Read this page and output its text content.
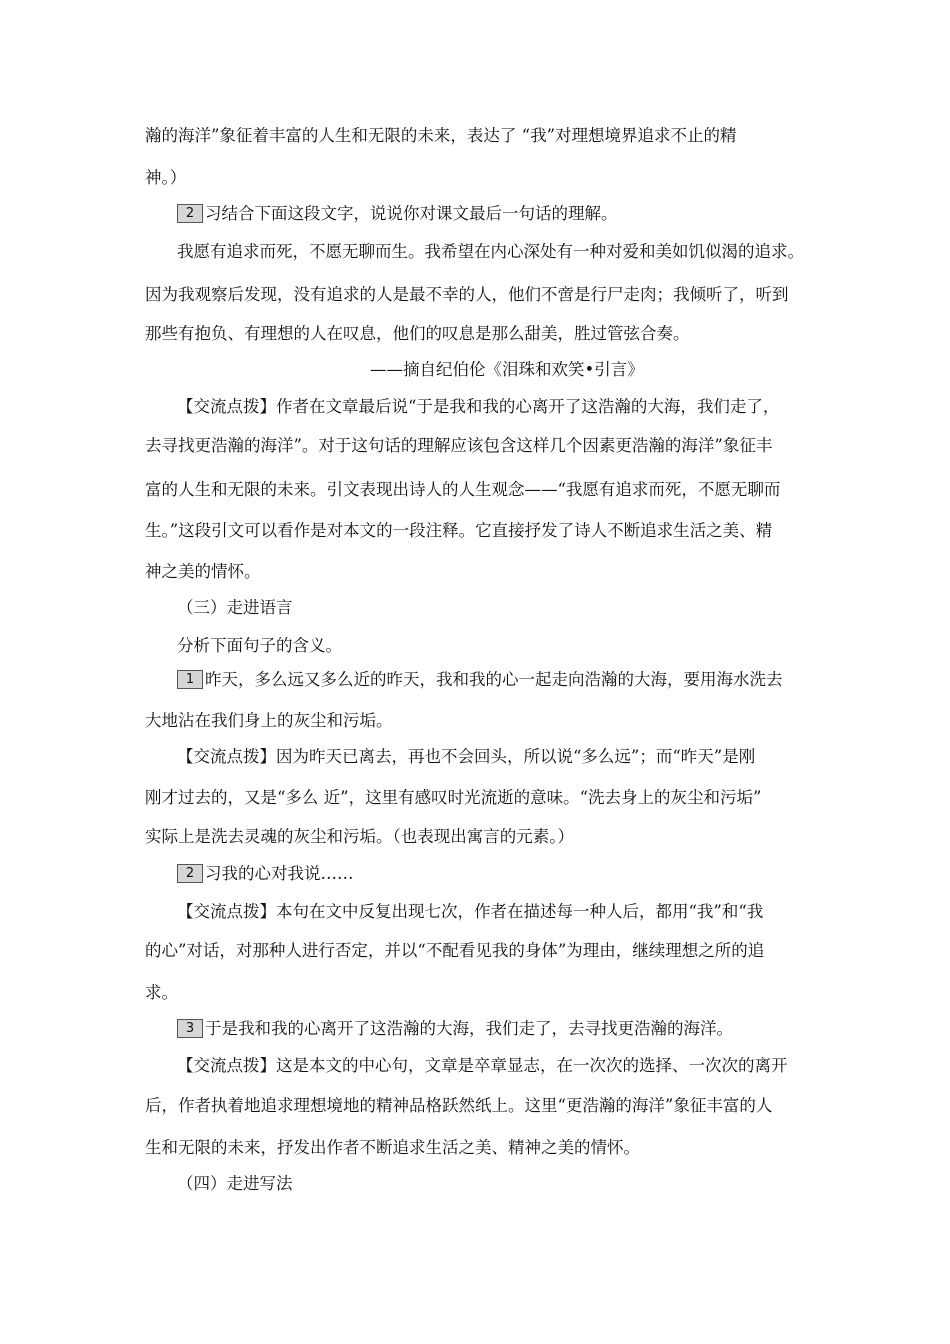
瀚的海洋”象征着丰富的人生和无限的未来，表达了 “我”对理想境界追求不止的精
神。）
2 习结合下面这段文字，说说你对课文最后一句话的理解。
我愿有追求而死，不愿无聊而生。我希望在内心深处有一种对爱和美如饥似渴的追求。
因为我观察后发现，没有追求的人是最不幸的人，他们不啻是行尸走肉；我倾听了，听到
那些有抱负、有理想的人在叹息，他们的叹息是那么甜美，胜过管弦合奏。
——摘自纪伯伦《泪珠和欢笑•引言》
【交流点拨】作者在文章最后说“于是我和我的心离开了这浩瀚的大海，我们走了，
去寻找更浩瀚的海洋”。对于这句话的理解应该包含这样几个因素更浩瀚的海洋”象征丰
富的人生和无限的未来。引文表现出诗人的人生观念——“我愿有追求而死，不愿无聊而
生。”这段引文可以看作是对本文的一段注释。它直接抒发了诗人不断追求生活之美、精
神之美的情怀。
（三）走进语言
分析下面句子的含义。
1 昨天，多么远又多么近的昨天，我和我的心一起走向浩瀚的大海，要用海水洗去
大地沾在我们身上的灰尘和污垢。
【交流点拨】因为昨天已离去，再也不会回头，所以说“多么远”；而“昨天”是刚
刚才过去的，又是“多么 近”，这里有感叹时光流逝的意味。“洗去身上的灰尘和污垢”
实际上是洗去灵魂的灰尘和污垢。（也表现出寓言的元素。）
2 习我的心对我说……
【交流点拨】本句在文中反复出现七次，作者在描述每一种人后，都用“我”和“我
的心”对话，对那种人进行否定，并以“不配看见我的身体”为理由，继续理想之所的追
求。
3 于是我和我的心离开了这浩瀚的大海，我们走了，去寻找更浩瀚的海洋。
【交流点拨】这是本文的中心句，文章是卒章显志，在一次次的选择、一次次的离开
后，作者执着地追求理想境地的精神品格跃然纸上。这里“更浩瀚的海洋”象征丰富的人
生和无限的未来，抒发出作者不断追求生活之美、精神之美的情怀。
（四）走进写法
